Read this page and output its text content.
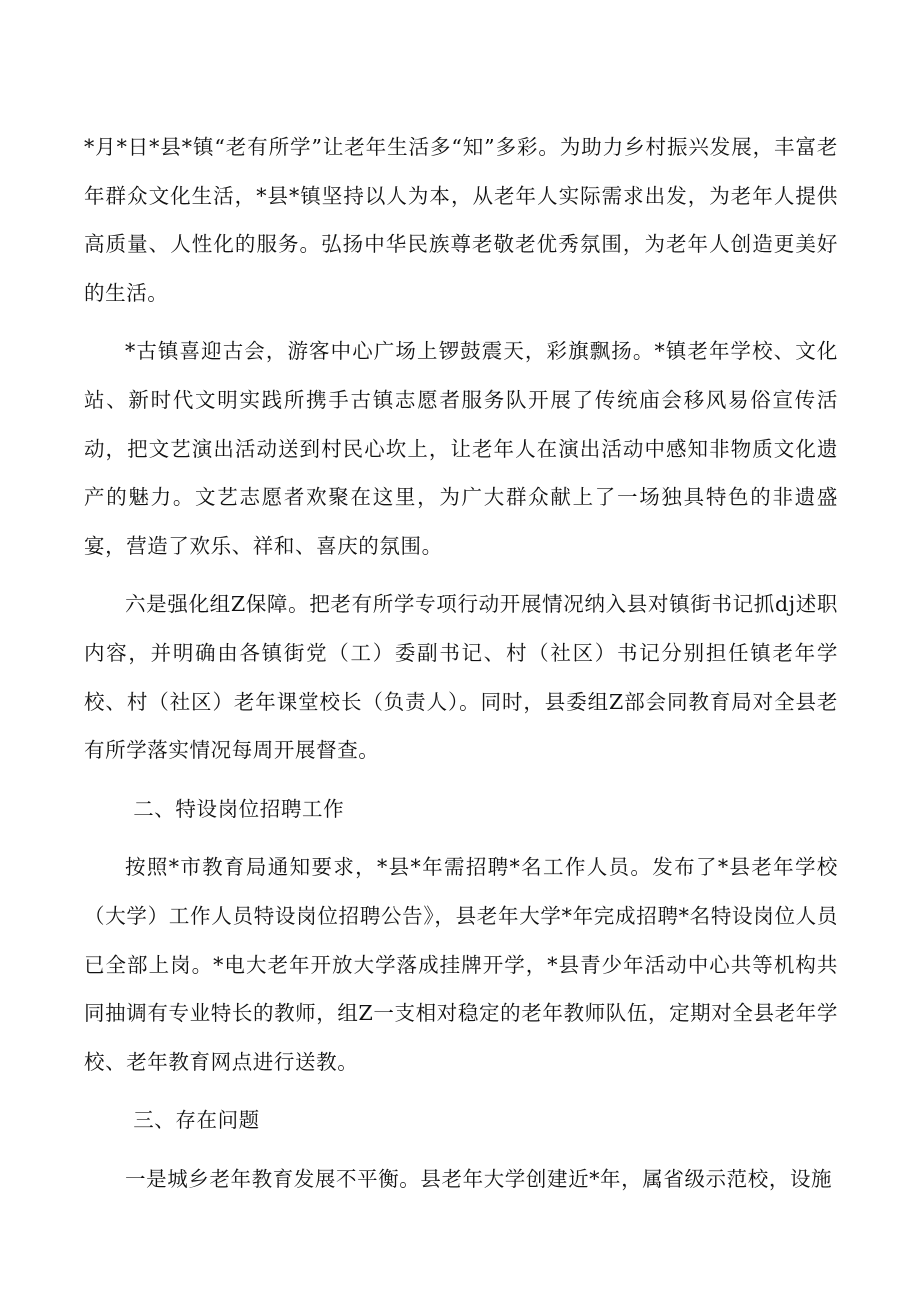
*月*日*县*镇“老有所学”让老年生活多“知”多彩。为助力乡村振兴发展，丰富老年群众文化生活，*县*镇坚持以人为本，从老年人实际需求出发，为老年人提供高质量、人性化的服务。弘扬中华民族尊老敬老优秀氛围，为老年人创造更美好的生活。

*古镇喜迎古会，游客中心广场上锣鼓震天，彩旗飘扬。*镇老年学校、文化站、新时代文明实践所携手古镇志愿者服务队开展了传统庙会移风易俗宣传活动，把文艺演出活动送到村民心坎上，让老年人在演出活动中感知非物质文化遗产的魅力。文艺志愿者欢聚在这里，为广大群众献上了一场独具特色的非遗盛宴，营造了欢乐、祥和、喜庆的氛围。

六是强化组Z保障。把老有所学专项行动开展情况纳入县对镇街书记抓dj述职内容，并明确由各镇街党（工）委副书记、村（社区）书记分别担任镇老年学校、村（社区）老年课堂校长（负责人）。同时，县委组Z部会同教育局对全县老有所学落实情况每周开展督查。

二、特设岗位招聘工作

按照*市教育局通知要求，*县*年需招聘*名工作人员。发布了*县老年学校（大学）工作人员特设岗位招聘公告》，县老年大学*年完成招聘*名特设岗位人员已全部上岗。*电大老年开放大学落成挂牌开学，*县青少年活动中心共等机构共同抽调有专业特长的教师，组Z一支相对稳定的老年教师队伍，定期对全县老年学校、老年教育网点进行送教。

三、存在问题

一是城乡老年教育发展不平衡。县老年大学创建近*年，属省级示范校，设施
